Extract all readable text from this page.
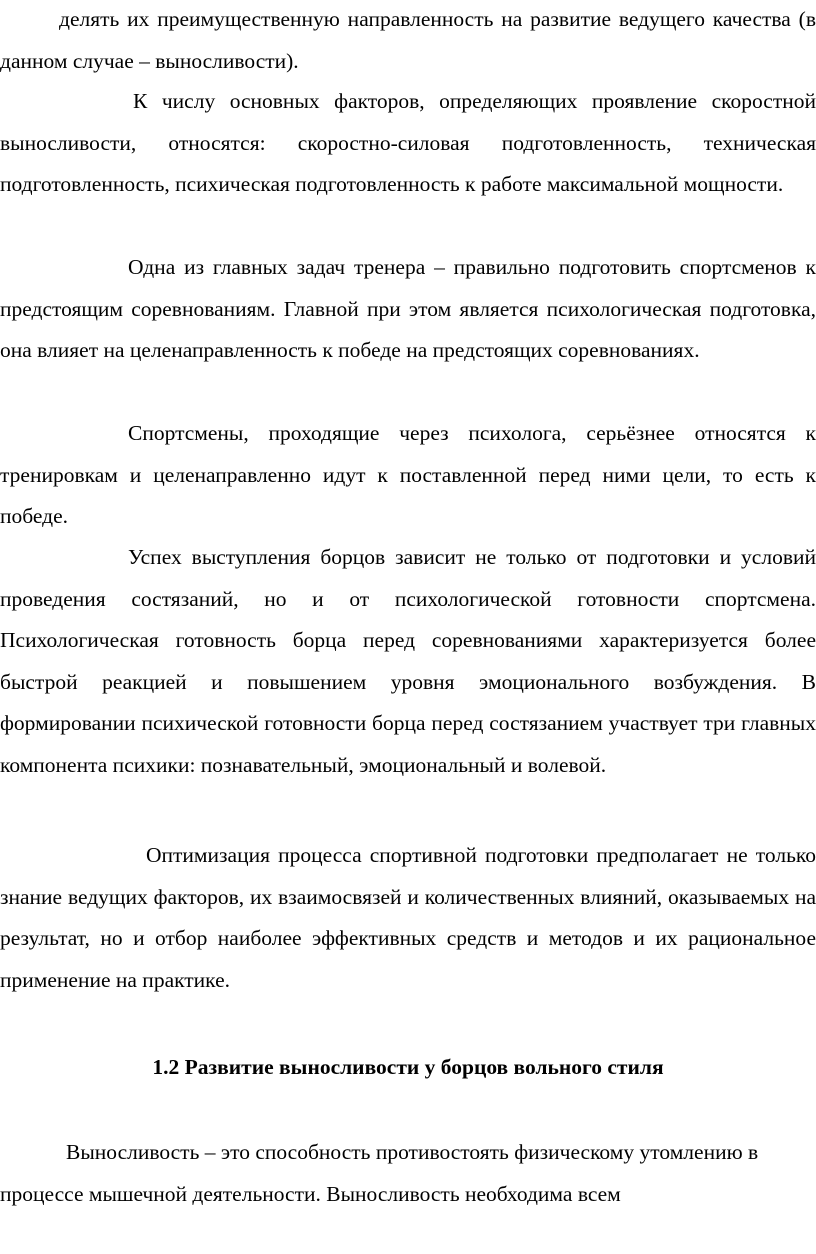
делять их преимущественную направленность на развитие ведущего качества (в данном случае – выносливости).

К числу основных факторов, определяющих проявление скоростной выносливости, относятся: скоростно-силовая подготовленность, техническая подготовленность, психическая подготовленность к работе максимальной мощности.

Одна из главных задач тренера – правильно подготовить спортсменов к предстоящим соревнованиям. Главной при этом является психологическая подготовка, она влияет на целенаправленность к победе на предстоящих соревнованиях.

Спортсмены, проходящие через психолога, серьёзнее относятся к тренировкам и целенаправленно идут к поставленной перед ними цели, то есть к победе.

Успех выступления борцов зависит не только от подготовки и условий проведения состязаний, но и от психологической готовности спортсмена. Психологическая готовность борца перед соревнованиями характеризуется более быстрой реакцией и повышением уровня эмоционального возбуждения. В формировании психической готовности борца перед состязанием участвует три главных компонента психики: познавательный, эмоциональный и волевой.

Оптимизация процесса спортивной подготовки предполагает не только знание ведущих факторов, их взаимосвязей и количественных влияний, оказываемых на результат, но и отбор наиболее эффективных средств и методов и их рациональное применение на практике.

1.2 Развитие выносливости у борцов вольного стиля

Выносливость – это способность противостоять физическому утомлению в процессе мышечной деятельности. Выносливость необходима всем
